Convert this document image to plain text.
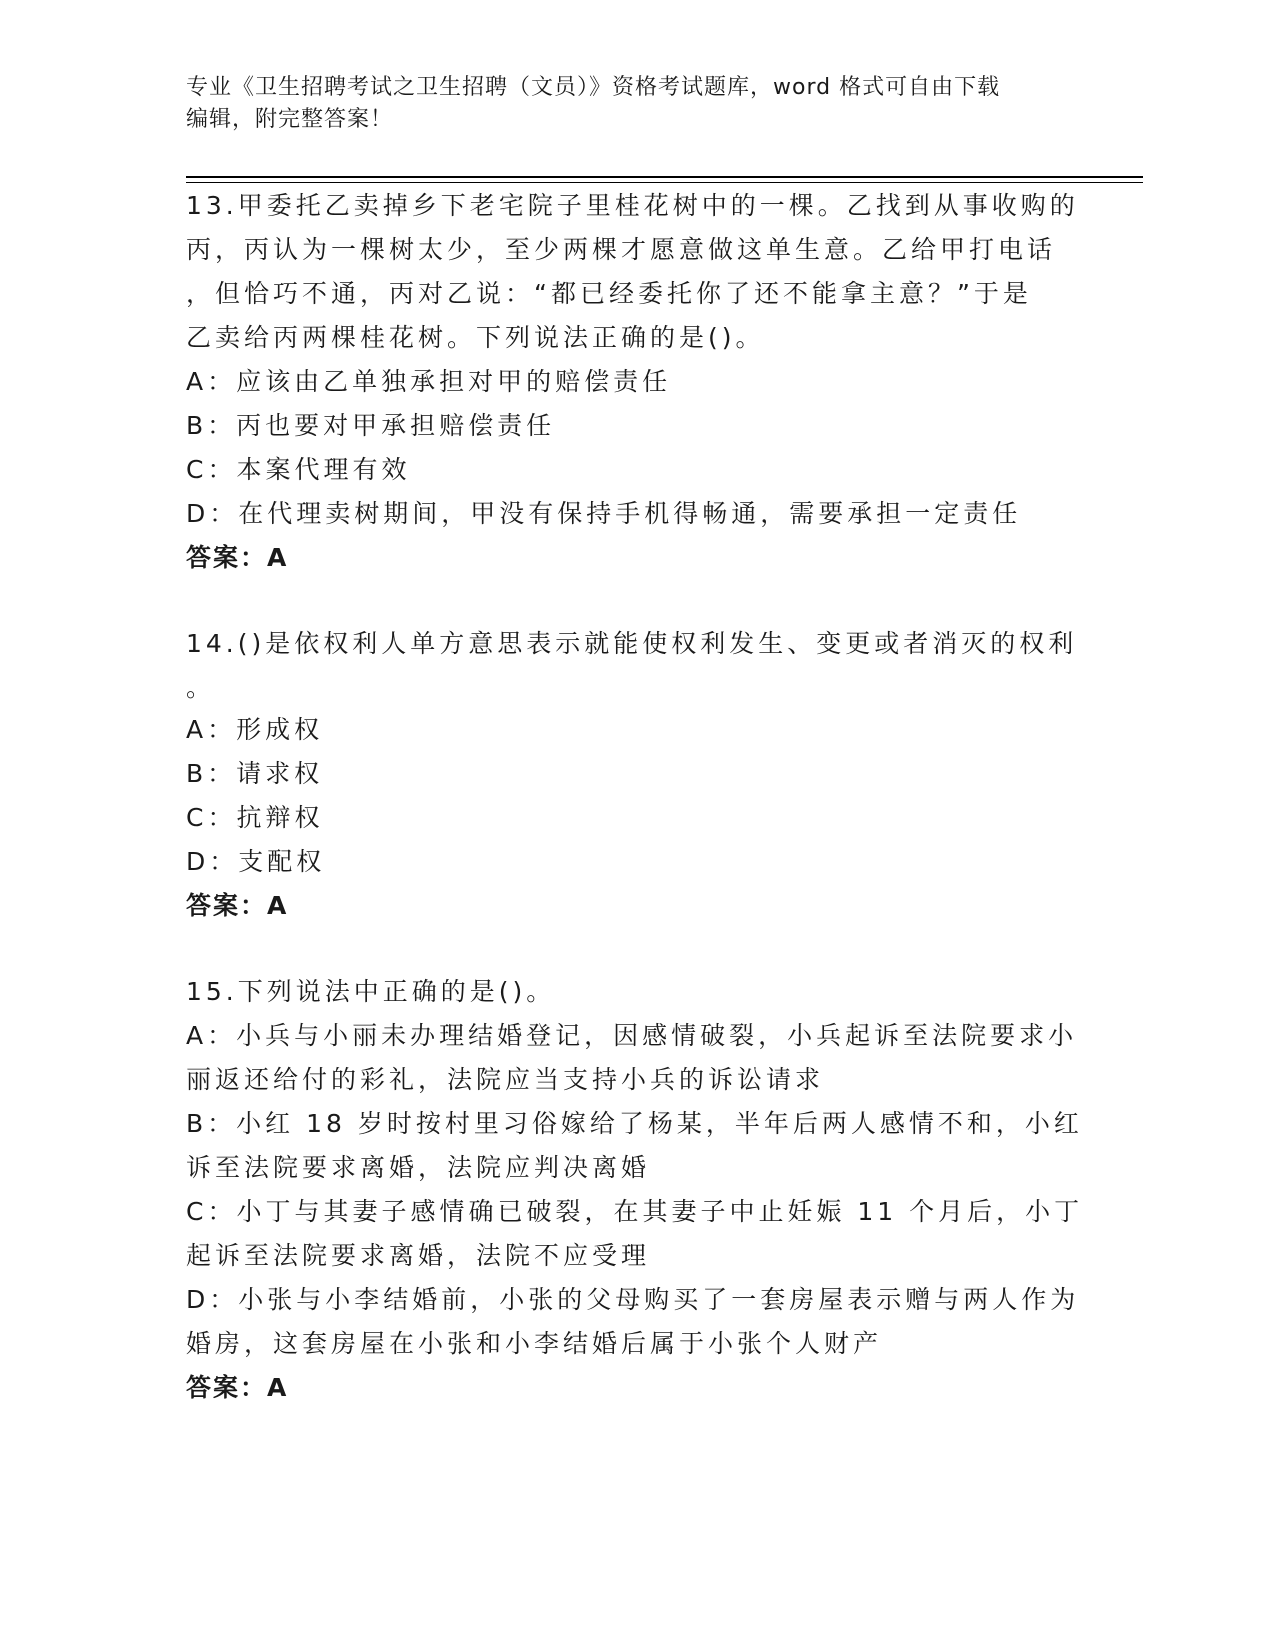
专业《卫生招聘考试之卫生招聘（文员）》资格考试题库，word 格式可自由下载
编辑，附完整答案！
13.甲委托乙卖掉乡下老宅院子里桂花树中的一棵。乙找到从事收购的
丙，丙认为一棵树太少，至少两棵才愿意做这单生意。乙给甲打电话
，但恰巧不通，丙对乙说：“都已经委托你了还不能拿主意？”于是
乙卖给丙两棵桂花树。下列说法正确的是()。
A：应该由乙单独承担对甲的赔偿责任
B：丙也要对甲承担赔偿责任
C：本案代理有效
D：在代理卖树期间，甲没有保持手机得畅通，需要承担一定责任
答案：A
14.()是依权利人单方意思表示就能使权利发生、变更或者消灭的权利
。
A：形成权
B：请求权
C：抗辩权
D：支配权
答案：A
15.下列说法中正确的是()。
A：小兵与小丽未办理结婚登记，因感情破裂，小兵起诉至法院要求小
丽返还给付的彩礼，法院应当支持小兵的诉讼请求
B：小红 18 岁时按村里习俗嫁给了杨某，半年后两人感情不和，小红
诉至法院要求离婚，法院应判决离婚
C：小丁与其妻子感情确已破裂，在其妻子中止妊娠 11 个月后，小丁
起诉至法院要求离婚，法院不应受理
D：小张与小李结婚前，小张的父母购买了一套房屋表示赠与两人作为
婚房，这套房屋在小张和小李结婚后属于小张个人财产
答案：A
